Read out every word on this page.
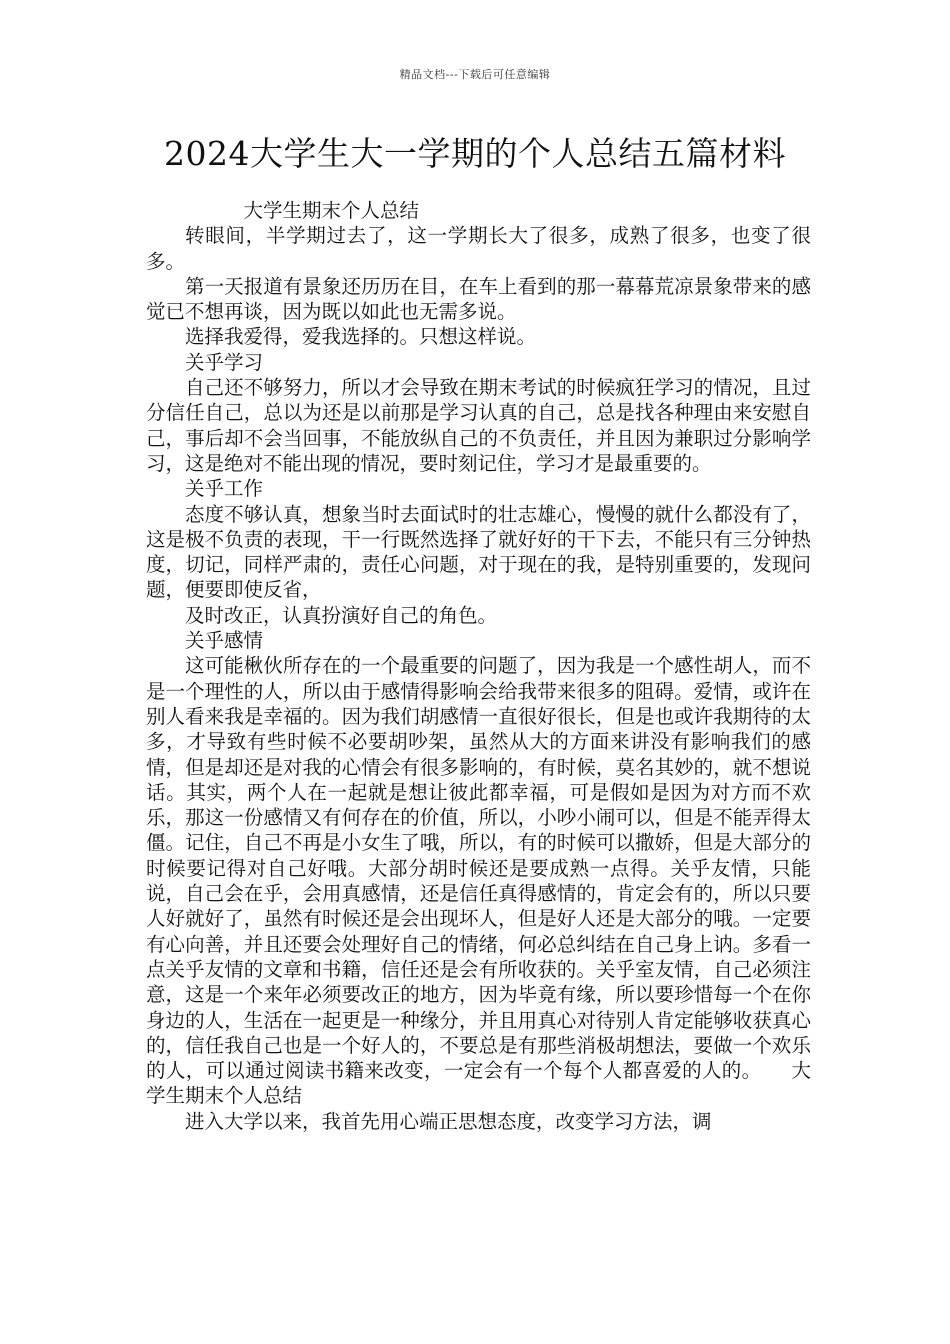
精品文档---下载后可任意编辑
2024大学生大一学期的个人总结五篇材料

大学生期末个人总结

转眼间，半学期过去了，这一学期长大了很多，成熟了很多，也变了很多。

第一天报道有景象还历历在目，在车上看到的那一幕幕荒凉景象带来的感觉已不想再谈，因为既以如此也无需多说。

选择我爱得，爱我选择的。只想这样说。

关乎学习

自己还不够努力，所以才会导致在期末考试的时候疯狂学习的情况，且过分信任自己，总以为还是以前那是学习认真的自己，总是找各种理由来安慰自己，事后却不会当回事，不能放纵自己的不负责任，并且因为兼职过分影响学习，这是绝对不能出现的情况，要时刻记住，学习才是最重要的。

关乎工作

态度不够认真，想象当时去面试时的壮志雄心，慢慢的就什么都没有了，这是极不负责的表现，干一行既然选择了就好好的干下去，不能只有三分钟热度，切记，同样严肃的，责任心问题，对于现在的我，是特别重要的，发现问题，便要即使反省，

及时改正，认真扮演好自己的角色。

关乎感情

这可能楸伙所存在的一个最重要的问题了，因为我是一个感性胡人，而不是一个理性的人，所以由于感情得影响会给我带来很多的阻碍。爱情，或许在别人看来我是幸福的。因为我们胡感情一直很好很长，但是也或许我期待的太多，才导致有些时候不必要胡吵架，虽然从大的方面来讲没有影响我们的感情，但是却还是对我的心情会有很多影响的，有时候，莫名其妙的，就不想说话。其实，两个人在一起就是想让彼此都幸福，可是假如是因为对方而不欢乐，那这一份感情又有何存在的价值，所以，小吵小闹可以，但是不能弄得太僵。记住，自己不再是小女生了哦，所以，有的时候可以撒娇，但是大部分的时候要记得对自己好哦。大部分胡时候还是要成熟一点得。关乎友情，只能说，自己会在乎，会用真感情，还是信任真得感情的，肯定会有的，所以只要人好就好了，虽然有时候还是会出现坏人，但是好人还是大部分的哦。一定要有心向善，并且还要会处理好自己的情绪，何必总纠结在自己身上讷。多看一点关乎友情的文章和书籍，信任还是会有所收获的。关乎室友情，自己必须注意，这是一个来年必须要改正的地方，因为毕竟有缘，所以要珍惜每一个在你身边的人，生活在一起更是一种缘分，并且用真心对待别人肯定能够收获真心的，信任我自己也是一个好人的，不要总是有那些消极胡想法，要做一个欢乐的人，可以通过阅读书籍来改变，一定会有一个每个人都喜爱的人的。　　大学生期末个人总结

进入大学以来，我首先用心端正思想态度，改变学习方法，调
